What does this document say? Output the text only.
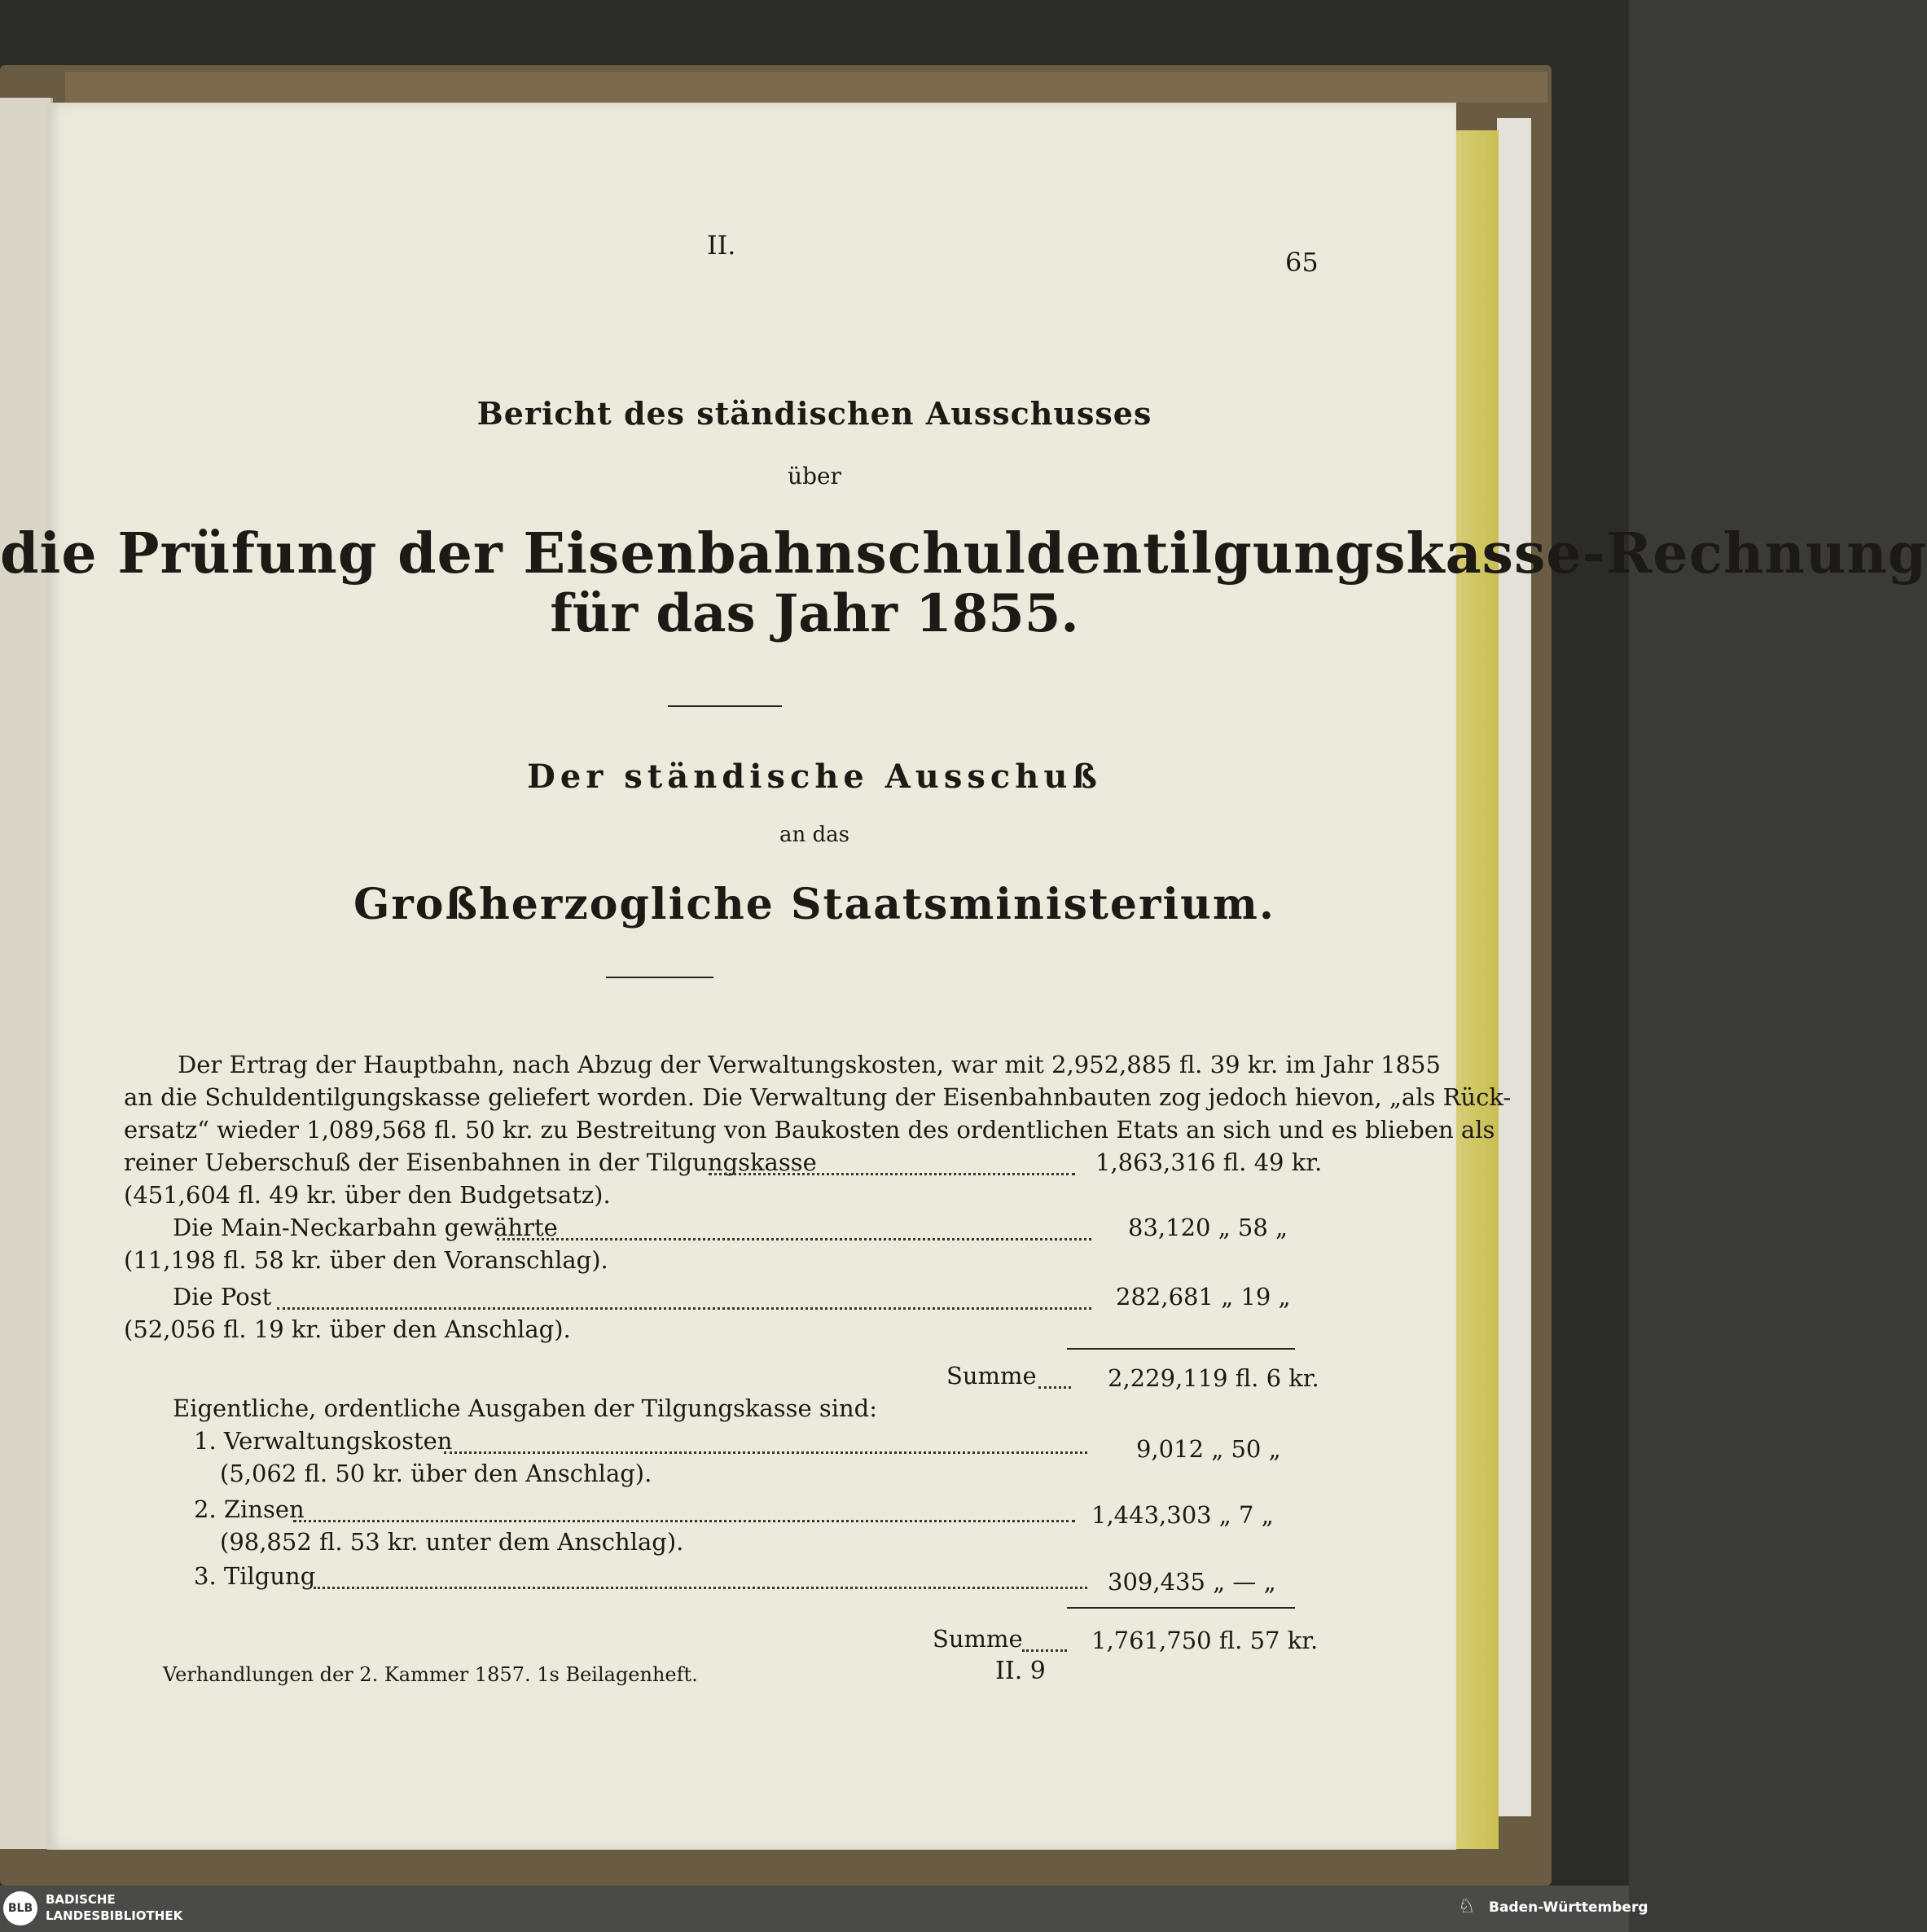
II.
65
Bericht des ständischen Ausschusses
über
die Prüfung der Eisenbahnschuldentilgungskasse-Rechnung
für das Jahr 1855.
Der ständische Ausschuß
an das
Großherzogliche Staatsministerium.
Der Ertrag der Hauptbahn, nach Abzug der Verwaltungskosten, war mit 2,952,885 fl. 39 kr. im Jahr 1855
an die Schuldentilgungskasse geliefert worden. Die Verwaltung der Eisenbahnbauten zog jedoch hievon, „als Rück-
ersatz“ wieder 1,089,568 fl. 50 kr. zu Bestreitung von Baukosten des ordentlichen Etats an sich und es blieben als
reiner Ueberschuß der Eisenbahnen in der Tilgungskasse	1,863,316 fl. 49 kr.
(451,604 fl. 49 kr. über den Budgetsatz).
Die Main-Neckarbahn gewährte	83,120 „ 58 „
(11,198 fl. 58 kr. über den Voranschlag).
Die Post	282,681 „ 19 „
(52,056 fl. 19 kr. über den Anschlag).
Summe	2,229,119 fl. 6 kr.
Eigentliche, ordentliche Ausgaben der Tilgungskasse sind:
1. Verwaltungskosten	9,012 „ 50 „
(5,062 fl. 50 kr. über den Anschlag).
2. Zinsen	1,443,303 „ 7 „
(98,852 fl. 53 kr. unter dem Anschlag).
3. Tilgung	309,435 „ — „
Summe	1,761,750 fl. 57 kr.
Verhandlungen der 2. Kammer 1857. 1s Beilagenheft.	II. 9
BLB
BADISCHE
LANDESBIBLIOTHEK	♘ Baden-Württemberg
